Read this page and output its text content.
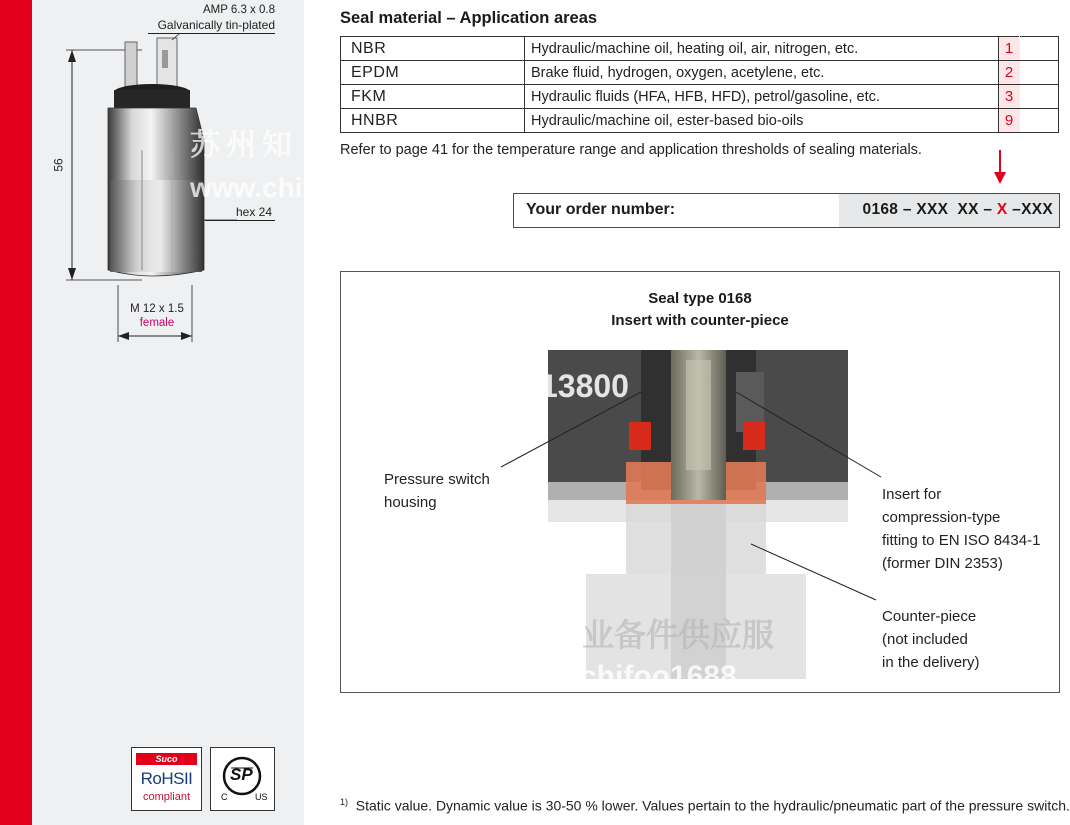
AMP 6.3 x 0.8
Galvanically tin-plated
56
hex 24
M 12 x 1.5
female
Suco
RoHSII
compliant
SP
C	US
Seal material – Application areas
NBR	Hydraulic/machine oil, heating oil, air, nitrogen, etc.	1	
EPDM	Brake fluid, hydrogen, oxygen, acetylene, etc.	2	
FKM	Hydraulic fluids (HFA, HFB, HFD), petrol/gasoline, etc.	3	
HNBR	Hydraulic/machine oil, ester-based bio-oils	9	
Refer to page 41 for the temperature range and application thresholds of sealing materials.
Your order number:	0168 – XXX  XX – X –XXX
Seal type 0168
Insert with counter-piece
Pressure switch
housing	Insert for
compression-type
fitting to EN ISO 8434-1
(former DIN 2353)
Counter-piece
(not included
in the delivery)
$^{1)}$ Static value. Dynamic value is 30-50 % lower. Values pertain to the hydraulic/pneumatic part of the pressure switch.
苏州知
www.chifoo.com
MP 139 15513800
业备件供应服
chifoo1688
